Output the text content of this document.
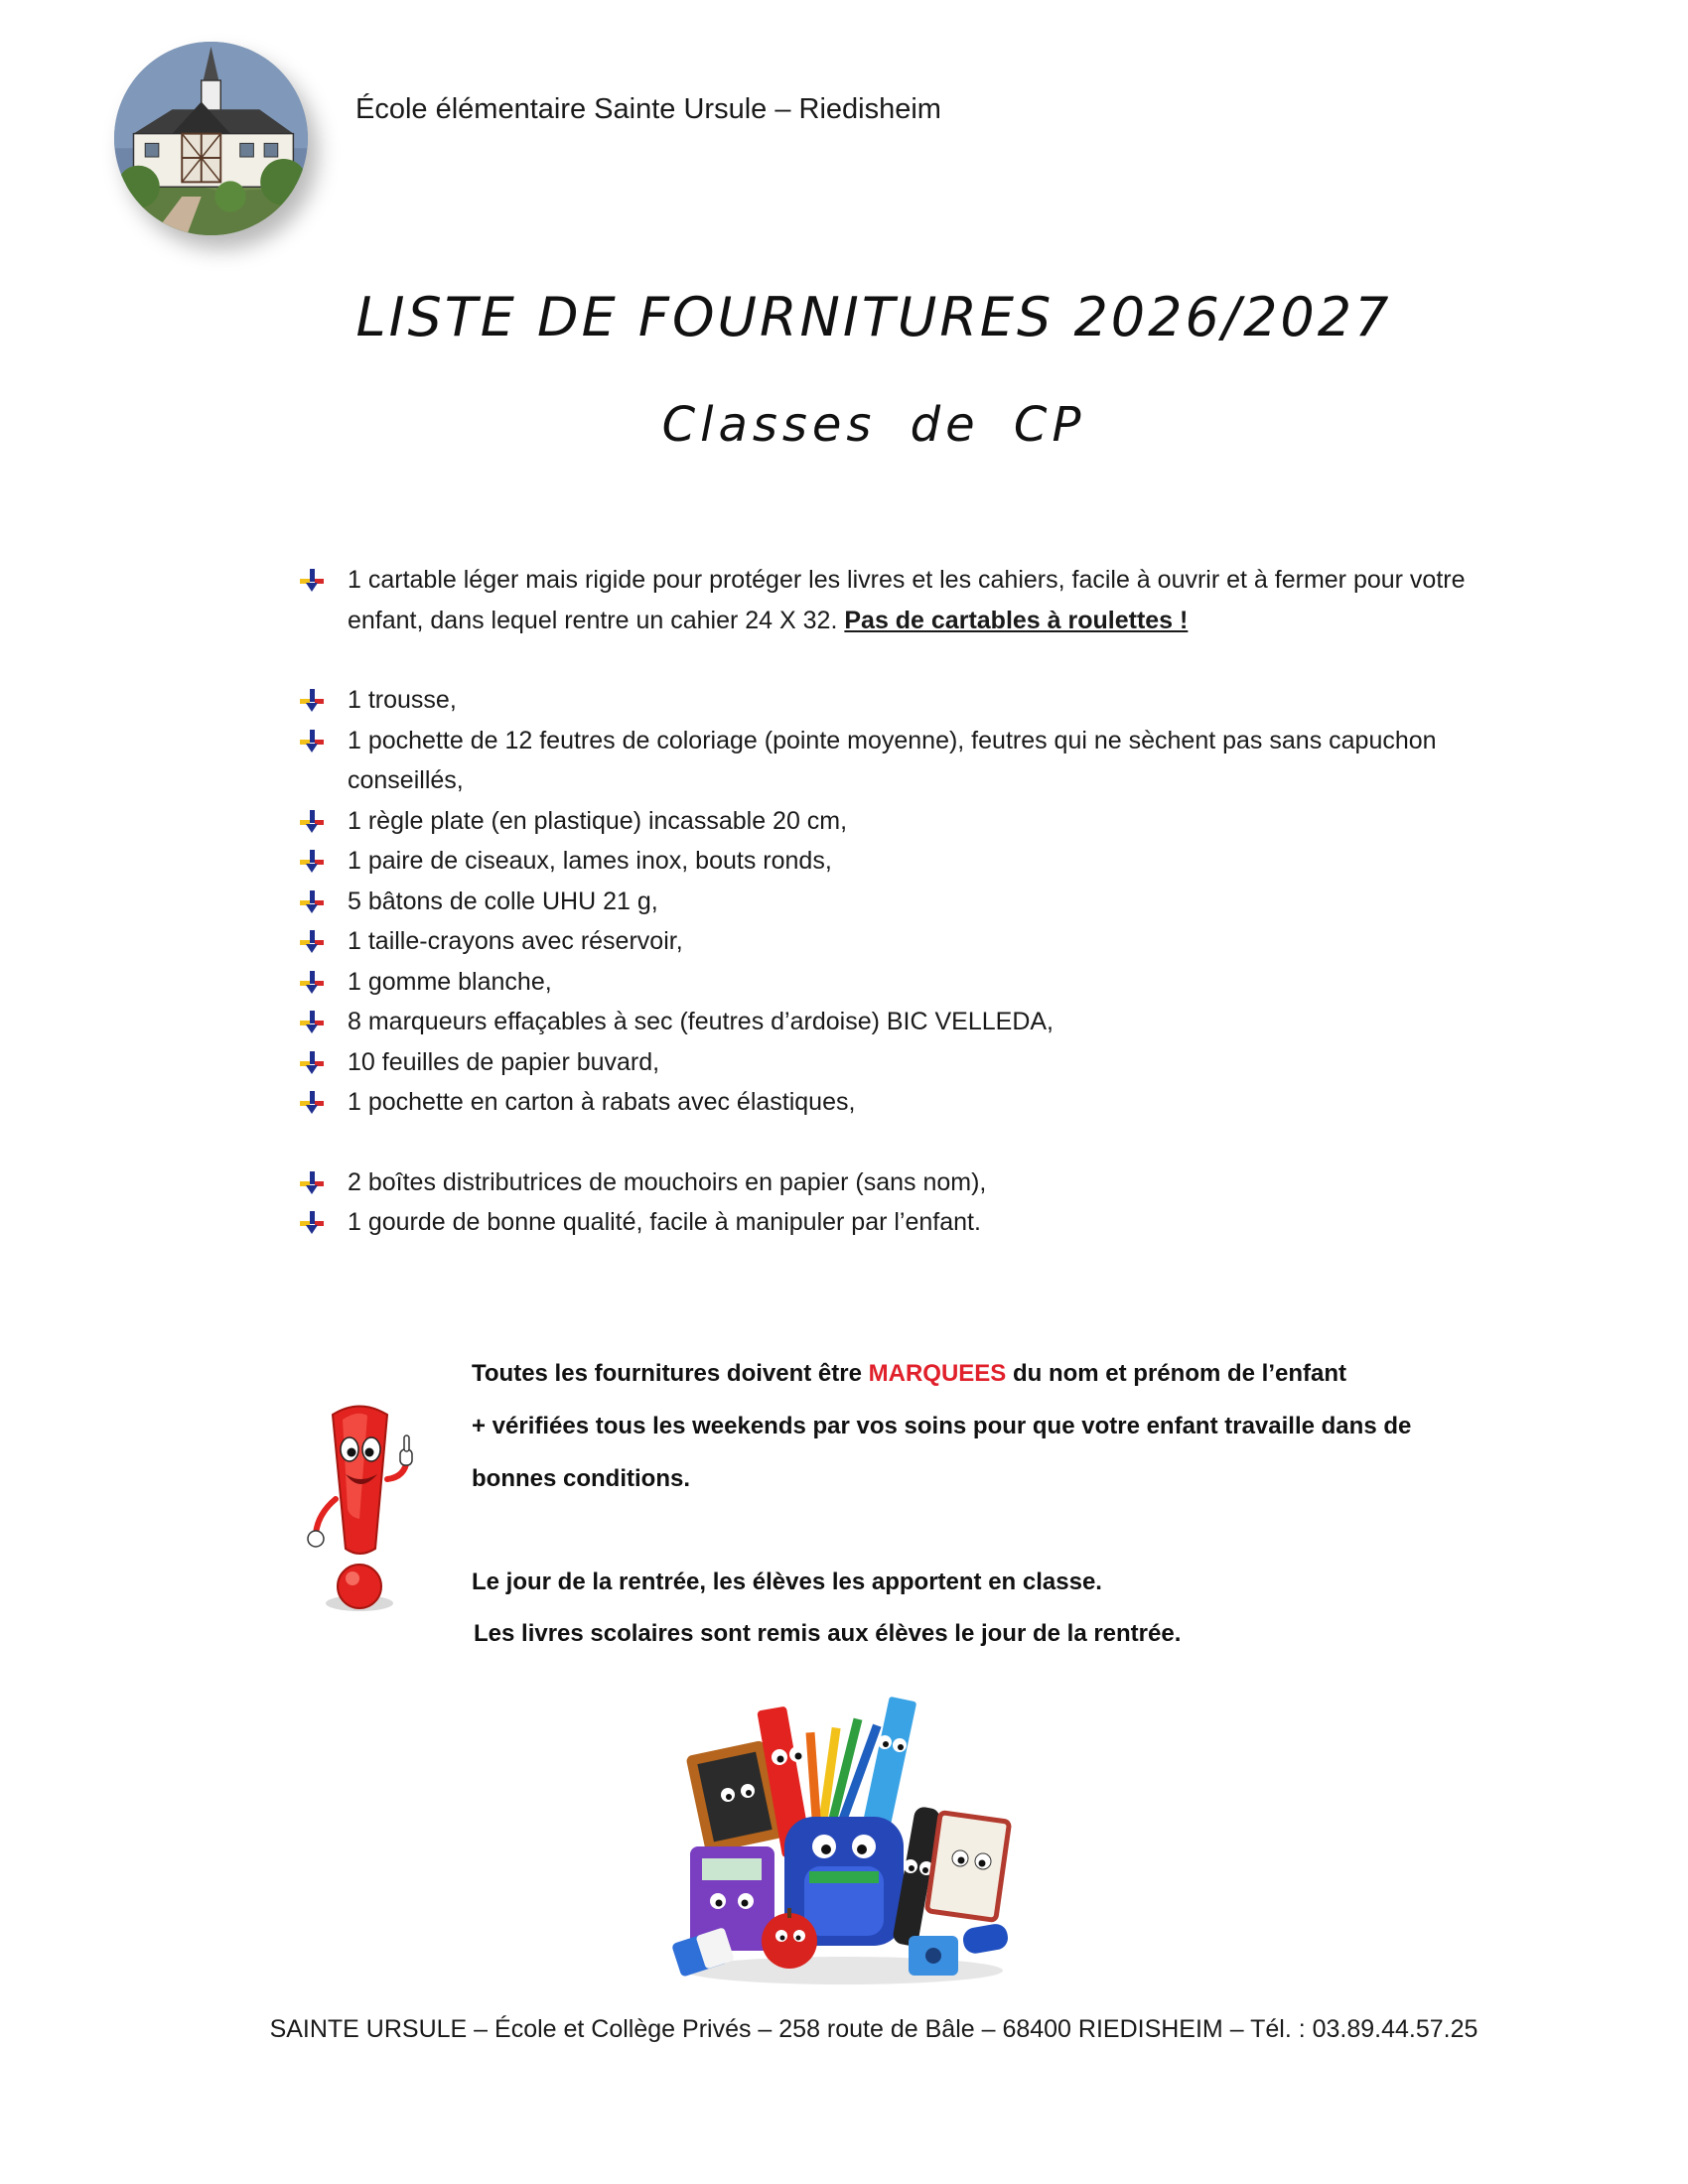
École élémentaire Sainte Ursule – Riedisheim
LISTE DE FOURNITURES 2026/2027
Classes de CP
1 cartable léger mais rigide pour protéger les livres et les cahiers, facile à ouvrir et à fermer pour votre enfant, dans lequel rentre un cahier 24 X 32. Pas de cartables à roulettes !
1 trousse,
1 pochette de 12 feutres de coloriage (pointe moyenne), feutres qui ne sèchent pas sans capuchon conseillés,
1 règle plate (en plastique) incassable 20 cm,
1 paire de ciseaux, lames inox, bouts ronds,
5 bâtons de colle UHU 21 g,
1 taille-crayons avec réservoir,
1 gomme blanche,
8 marqueurs effaçables à sec (feutres d’ardoise) BIC VELLEDA,
10 feuilles de papier buvard,
1 pochette en carton à rabats avec élastiques,
2 boîtes distributrices de mouchoirs en papier (sans nom),
1 gourde de bonne qualité, facile à manipuler par l’enfant.

Toutes les fournitures doivent être MARQUEES du nom et prénom de l’enfant

+ vérifiées tous les weekends par vos soins pour que votre enfant travaille dans de

bonnes conditions.

Le jour de la rentrée, les élèves les apportent en classe.

Les livres scolaires sont remis aux élèves le jour de la rentrée.

SAINTE URSULE – École et Collège Privés – 258 route de Bâle – 68400 RIEDISHEIM – Tél. : 03.89.44.57.25
